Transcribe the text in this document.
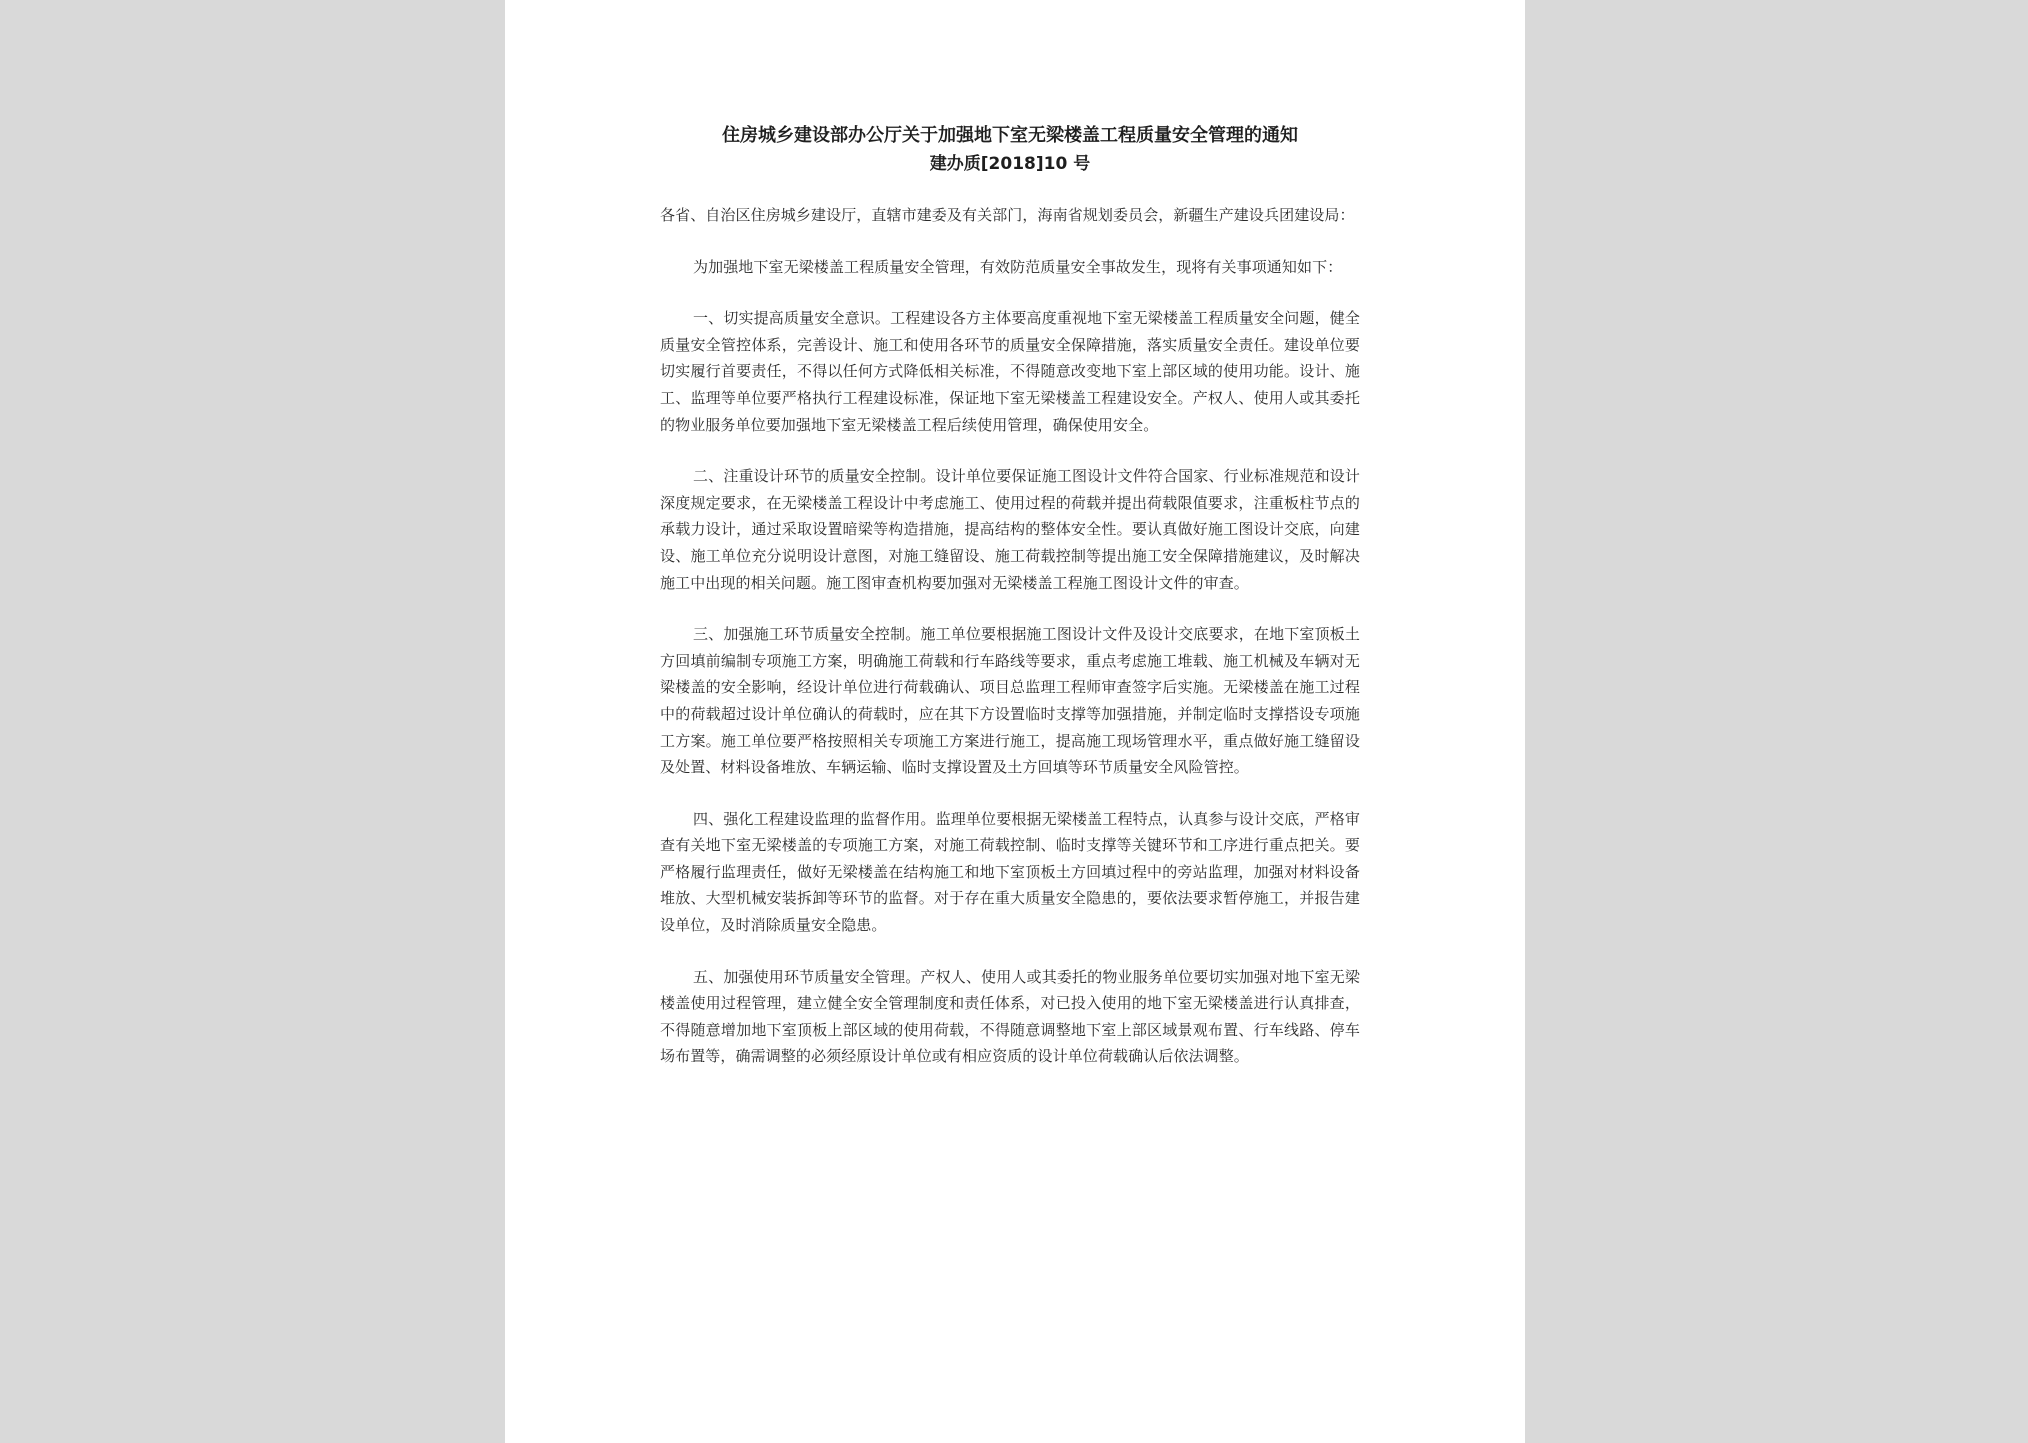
住房城乡建设部办公厅关于加强地下室无梁楼盖工程质量安全管理的通知

建办质[2018]10 号

各省、自治区住房城乡建设厅，直辖市建委及有关部门，海南省规划委员会，新疆生产建设兵团建设局：

为加强地下室无梁楼盖工程质量安全管理，有效防范质量安全事故发生，现将有关事项通知如下：

一、切实提高质量安全意识。工程建设各方主体要高度重视地下室无梁楼盖工程质量安全问题，健全质量安全管控体系，完善设计、施工和使用各环节的质量安全保障措施，落实质量安全责任。建设单位要切实履行首要责任，不得以任何方式降低相关标准，不得随意改变地下室上部区域的使用功能。设计、施工、监理等单位要严格执行工程建设标准，保证地下室无梁楼盖工程建设安全。产权人、使用人或其委托的物业服务单位要加强地下室无梁楼盖工程后续使用管理，确保使用安全。

二、注重设计环节的质量安全控制。设计单位要保证施工图设计文件符合国家、行业标准规范和设计深度规定要求，在无梁楼盖工程设计中考虑施工、使用过程的荷载并提出荷载限值要求，注重板柱节点的承载力设计，通过采取设置暗梁等构造措施，提高结构的整体安全性。要认真做好施工图设计交底，向建设、施工单位充分说明设计意图，对施工缝留设、施工荷载控制等提出施工安全保障措施建议，及时解决施工中出现的相关问题。施工图审查机构要加强对无梁楼盖工程施工图设计文件的审查。

三、加强施工环节质量安全控制。施工单位要根据施工图设计文件及设计交底要求，在地下室顶板土方回填前编制专项施工方案，明确施工荷载和行车路线等要求，重点考虑施工堆载、施工机械及车辆对无梁楼盖的安全影响，经设计单位进行荷载确认、项目总监理工程师审查签字后实施。无梁楼盖在施工过程中的荷载超过设计单位确认的荷载时，应在其下方设置临时支撑等加强措施，并制定临时支撑搭设专项施工方案。施工单位要严格按照相关专项施工方案进行施工，提高施工现场管理水平，重点做好施工缝留设及处置、材料设备堆放、车辆运输、临时支撑设置及土方回填等环节质量安全风险管控。

四、强化工程建设监理的监督作用。监理单位要根据无梁楼盖工程特点，认真参与设计交底，严格审查有关地下室无梁楼盖的专项施工方案，对施工荷载控制、临时支撑等关键环节和工序进行重点把关。要严格履行监理责任，做好无梁楼盖在结构施工和地下室顶板土方回填过程中的旁站监理，加强对材料设备堆放、大型机械安装拆卸等环节的监督。对于存在重大质量安全隐患的，要依法要求暂停施工，并报告建设单位，及时消除质量安全隐患。

五、加强使用环节质量安全管理。产权人、使用人或其委托的物业服务单位要切实加强对地下室无梁楼盖使用过程管理，建立健全安全管理制度和责任体系，对已投入使用的地下室无梁楼盖进行认真排查，不得随意增加地下室顶板上部区域的使用荷载，不得随意调整地下室上部区域景观布置、行车线路、停车场布置等，确需调整的必须经原设计单位或有相应资质的设计单位荷载确认后依法调整。
